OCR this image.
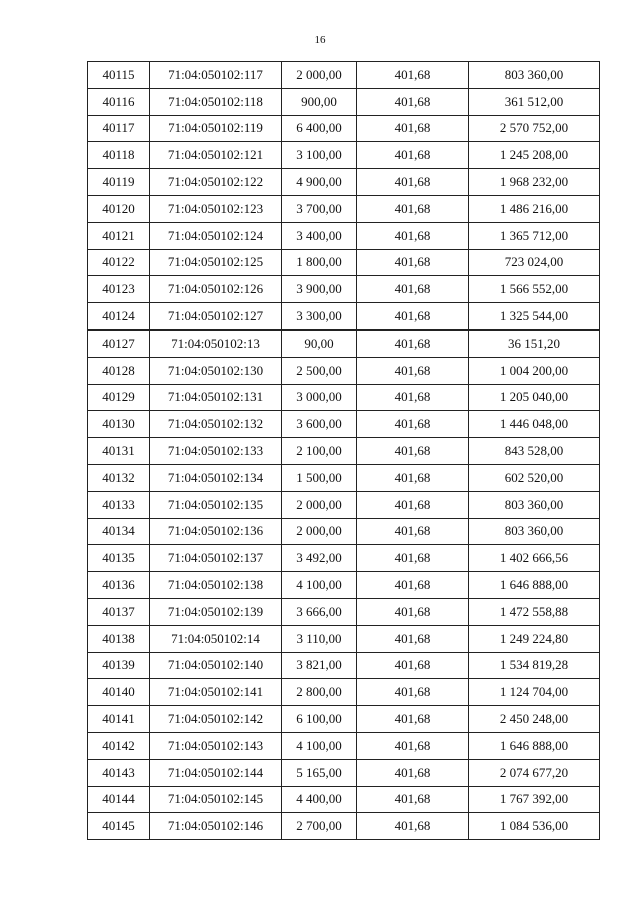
16
40115	71:04:050102:117	2 000,00	401,68	803 360,00
40116	71:04:050102:118	900,00	401,68	361 512,00
40117	71:04:050102:119	6 400,00	401,68	2 570 752,00
40118	71:04:050102:121	3 100,00	401,68	1 245 208,00
40119	71:04:050102:122	4 900,00	401,68	1 968 232,00
40120	71:04:050102:123	3 700,00	401,68	1 486 216,00
40121	71:04:050102:124	3 400,00	401,68	1 365 712,00
40122	71:04:050102:125	1 800,00	401,68	723 024,00
40123	71:04:050102:126	3 900,00	401,68	1 566 552,00
40124	71:04:050102:127	3 300,00	401,68	1 325 544,00
40127	71:04:050102:13	90,00	401,68	36 151,20
40128	71:04:050102:130	2 500,00	401,68	1 004 200,00
40129	71:04:050102:131	3 000,00	401,68	1 205 040,00
40130	71:04:050102:132	3 600,00	401,68	1 446 048,00
40131	71:04:050102:133	2 100,00	401,68	843 528,00
40132	71:04:050102:134	1 500,00	401,68	602 520,00
40133	71:04:050102:135	2 000,00	401,68	803 360,00
40134	71:04:050102:136	2 000,00	401,68	803 360,00
40135	71:04:050102:137	3 492,00	401,68	1 402 666,56
40136	71:04:050102:138	4 100,00	401,68	1 646 888,00
40137	71:04:050102:139	3 666,00	401,68	1 472 558,88
40138	71:04:050102:14	3 110,00	401,68	1 249 224,80
40139	71:04:050102:140	3 821,00	401,68	1 534 819,28
40140	71:04:050102:141	2 800,00	401,68	1 124 704,00
40141	71:04:050102:142	6 100,00	401,68	2 450 248,00
40142	71:04:050102:143	4 100,00	401,68	1 646 888,00
40143	71:04:050102:144	5 165,00	401,68	2 074 677,20
40144	71:04:050102:145	4 400,00	401,68	1 767 392,00
40145	71:04:050102:146	2 700,00	401,68	1 084 536,00
